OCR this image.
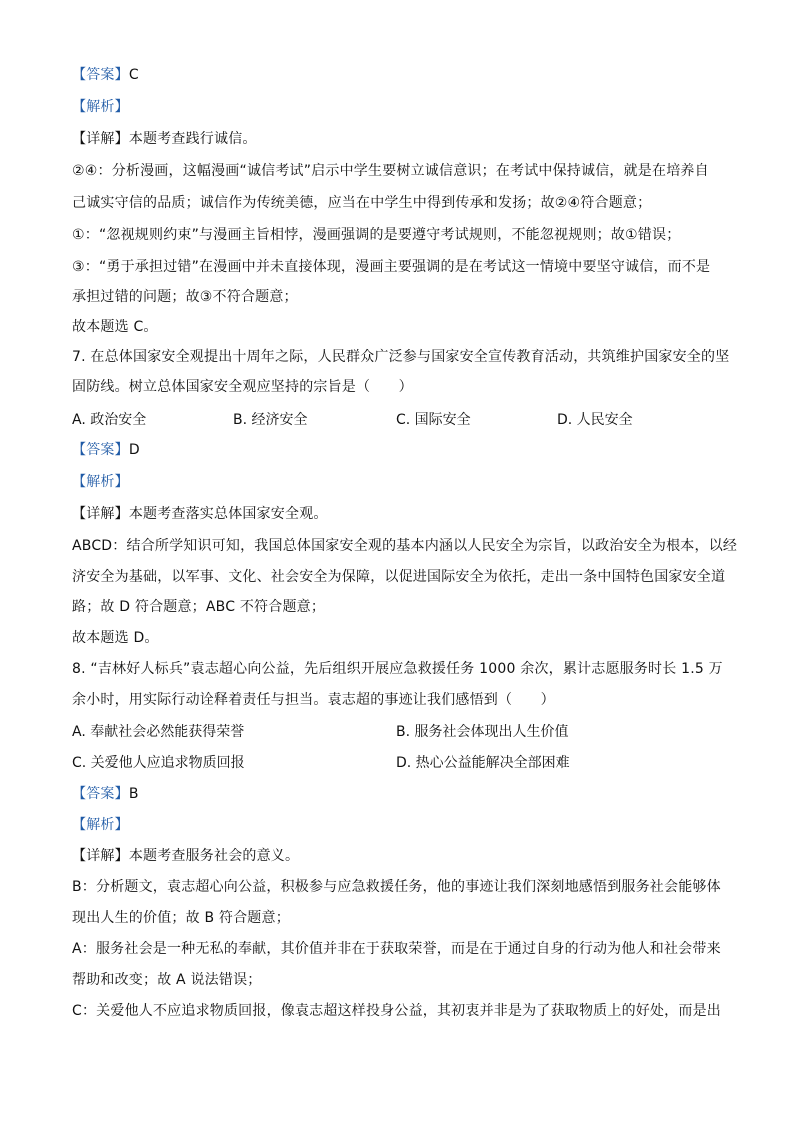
【答案】C
【解析】
【详解】本题考查践行诚信。
②④：分析漫画，这幅漫画“诚信考试”启示中学生要树立诚信意识；在考试中保持诚信，就是在培养自
己诚实守信的品质；诚信作为传统美德，应当在中学生中得到传承和发扬；故②④符合题意；
①：“忽视规则约束”与漫画主旨相悖，漫画强调的是要遵守考试规则，不能忽视规则；故①错误；
③：“勇于承担过错”在漫画中并未直接体现，漫画主要强调的是在考试这一情境中要坚守诚信，而不是
承担过错的问题；故③不符合题意；
故本题选 C。
7. 在总体国家安全观提出十周年之际，人民群众广泛参与国家安全宣传教育活动，共筑维护国家安全的坚
固防线。树立总体国家安全观应坚持的宗旨是（　　）
A. 政治安全	B. 经济安全	C. 国际安全	D. 人民安全
【答案】D
【解析】
【详解】本题考查落实总体国家安全观。
ABCD：结合所学知识可知，我国总体国家安全观的基本内涵以人民安全为宗旨，以政治安全为根本，以经
济安全为基础，以军事、文化、社会安全为保障，以促进国际安全为依托，走出一条中国特色国家安全道
路；故 D 符合题意；ABC 不符合题意；
故本题选 D。
8. “吉林好人标兵”袁志超心向公益，先后组织开展应急救援任务 1000 余次，累计志愿服务时长 1.5 万
余小时，用实际行动诠释着责任与担当。袁志超的事迹让我们感悟到（　　）
A. 奉献社会必然能获得荣誉	B. 服务社会体现出人生价值
C. 关爱他人应追求物质回报	D. 热心公益能解决全部困难
【答案】B
【解析】
【详解】本题考查服务社会的意义。
B：分析题文，袁志超心向公益，积极参与应急救援任务，他的事迹让我们深刻地感悟到服务社会能够体
现出人生的价值；故 B 符合题意；
A：服务社会是一种无私的奉献，其价值并非在于获取荣誉，而是在于通过自身的行动为他人和社会带来
帮助和改变；故 A 说法错误；
C：关爱他人不应追求物质回报，像袁志超这样投身公益，其初衷并非是为了获取物质上的好处，而是出
